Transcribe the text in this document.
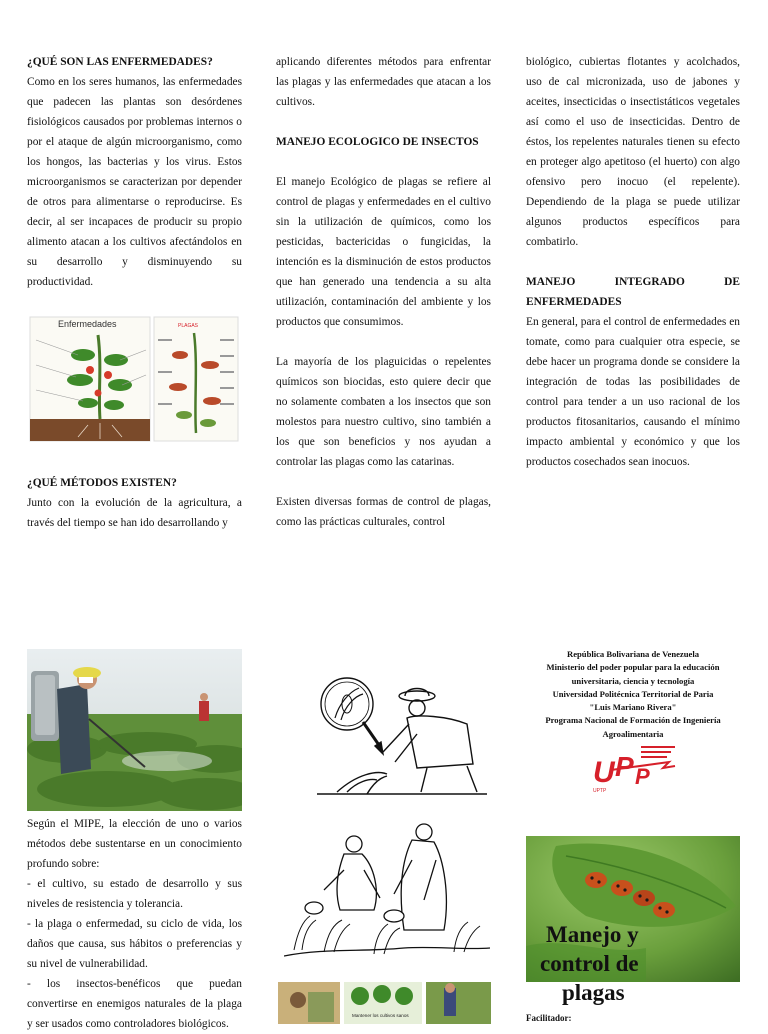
¿QUÉ SON LAS ENFERMEDADES?

Como en los seres humanos, las enfermedades que padecen las plantas son desórdenes fisiológicos causados por problemas internos o por el ataque de algún microorganismo, como los hongos, las bacterias y los virus. Estos microorganismos se caracterizan por depender de otros para alimentarse o reproducirse. Es decir, al ser incapaces de producir su propio alimento atacan a los cultivos afectándolos en su desarrollo y disminuyendo su productividad.

Enfermedades	PLAGAS
¿QUÉ MÉTODOS EXISTEN?

Junto con la evolución de la agricultura, a través del tiempo se han ido desarrollando y

aplicando diferentes métodos para enfrentar las plagas y las enfermedades que atacan a los cultivos.

MANEJO ECOLOGICO DE INSECTOS

El manejo Ecológico de plagas se refiere al control de plagas y enfermedades en el cultivo sin la utilización de químicos, como los pesticidas, bactericidas o fungicidas, la intención es la disminución de estos productos que han generado una tendencia a su alta utilización, contaminación del ambiente y los productos que consumimos.

La mayoría de los plaguicidas o repelentes químicos son biocidas, esto quiere decir que no solamente combaten a los insectos que son molestos para nuestro cultivo, sino también a los que son beneficios y nos ayudan a controlar las plagas como las catarinas.

Existen diversas formas de control de plagas, como las prácticas culturales, control

biológico, cubiertas flotantes y acolchados, uso de cal micronizada, uso de jabones y aceites, insecticidas o insectistáticos vegetales así como el uso de insecticidas. Dentro de éstos, los repelentes naturales tienen su efecto en proteger algo apetitoso (el huerto) con algo ofensivo pero inocuo (el repelente). Dependiendo de la plaga se puede utilizar algunos productos específicos para combatirlo.

MANEJO INTEGRADO DE ENFERMEDADES

En general, para el control de enfermedades en tomate, como para cualquier otra especie, se debe hacer un programa donde se considere la integración de todas las posibilidades de control para tender a un uso racional de los productos fitosanitarios, causando el mínimo impacto ambiental y económico y que los productos cosechados sean inocuos.

Según el MIPE, la elección de uno o varios métodos debe sustentarse en un conocimiento profundo sobre:

- el cultivo, su estado de desarrollo y sus niveles de resistencia y tolerancia.

- la plaga o enfermedad, su ciclo de vida, los daños que causa, sus hábitos o preferencias y su nivel de vulnerabilidad.

- los insectos-benéficos que puedan convertirse en enemigos naturales de la plaga y ser usados como controladores biológicos.

Mantener los cultivos sanos
República Bolivariana de Venezuela
Ministerio del poder popular para la educación
universitaria, ciencia y tecnología
Universidad Politécnica Territorial de Paria
"Luis Mariano Rivera"
Programa Nacional de Formación de Ingeniería
Agroalimentaria
U P P
UPTP
Manejo y
control de
plagas
Facilitador:
